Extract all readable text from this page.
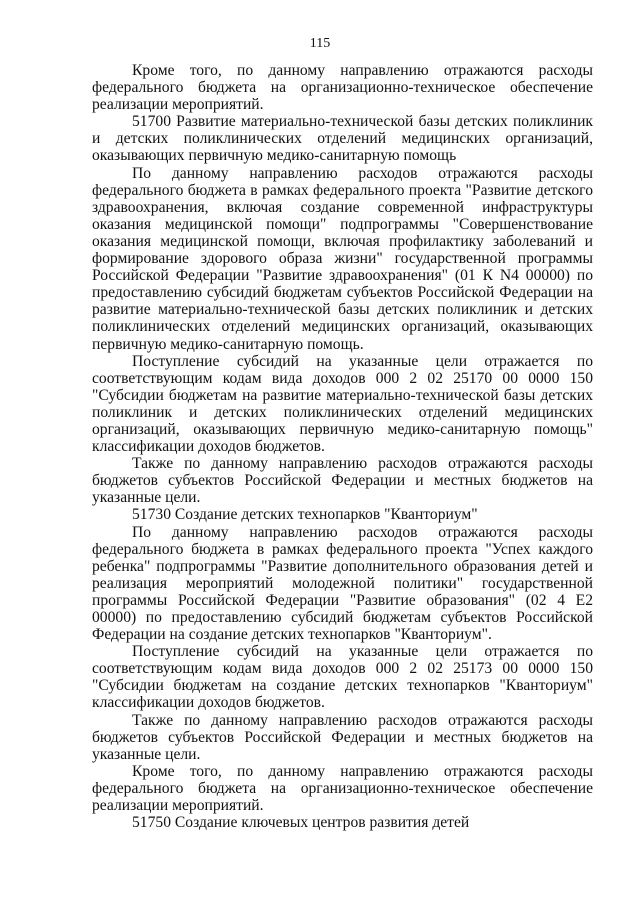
115

Кроме того, по данному направлению отражаются расходы федерального бюджета на организационно-техническое обеспечение реализации мероприятий.

51700 Развитие материально-технической базы детских поликлиник и детских поликлинических отделений медицинских организаций, оказывающих первичную медико-санитарную помощь

По данному направлению расходов отражаются расходы федерального бюджета в рамках федерального проекта "Развитие детского здравоохранения, включая создание современной инфраструктуры оказания медицинской помощи" подпрограммы "Совершенствование оказания медицинской помощи, включая профилактику заболеваний и формирование здорового образа жизни" государственной программы Российской Федерации "Развитие здравоохранения" (01 К N4 00000) по предоставлению субсидий бюджетам субъектов Российской Федерации на развитие материально-технической базы детских поликлиник и детских поликлинических отделений медицинских организаций, оказывающих первичную медико-санитарную помощь.

Поступление субсидий на указанные цели отражается по соответствующим кодам вида доходов 000 2 02 25170 00 0000 150 "Субсидии бюджетам на развитие материально-технической базы детских поликлиник и детских поликлинических отделений медицинских организаций, оказывающих первичную медико-санитарную помощь" классификации доходов бюджетов.

Также по данному направлению расходов отражаются расходы бюджетов субъектов Российской Федерации и местных бюджетов на указанные цели.

51730 Создание детских технопарков "Кванториум"

По данному направлению расходов отражаются расходы федерального бюджета в рамках федерального проекта "Успех каждого ребенка" подпрограммы "Развитие дополнительного образования детей и реализация мероприятий молодежной политики" государственной программы Российской Федерации "Развитие образования" (02 4 Е2 00000) по предоставлению субсидий бюджетам субъектов Российской Федерации на создание детских технопарков "Кванториум".

Поступление субсидий на указанные цели отражается по соответствующим кодам вида доходов 000 2 02 25173 00 0000 150 "Субсидии бюджетам на создание детских технопарков "Кванториум" классификации доходов бюджетов.

Также по данному направлению расходов отражаются расходы бюджетов субъектов Российской Федерации и местных бюджетов на указанные цели.

Кроме того, по данному направлению отражаются расходы федерального бюджета на организационно-техническое обеспечение реализации мероприятий.

51750 Создание ключевых центров развития детей
